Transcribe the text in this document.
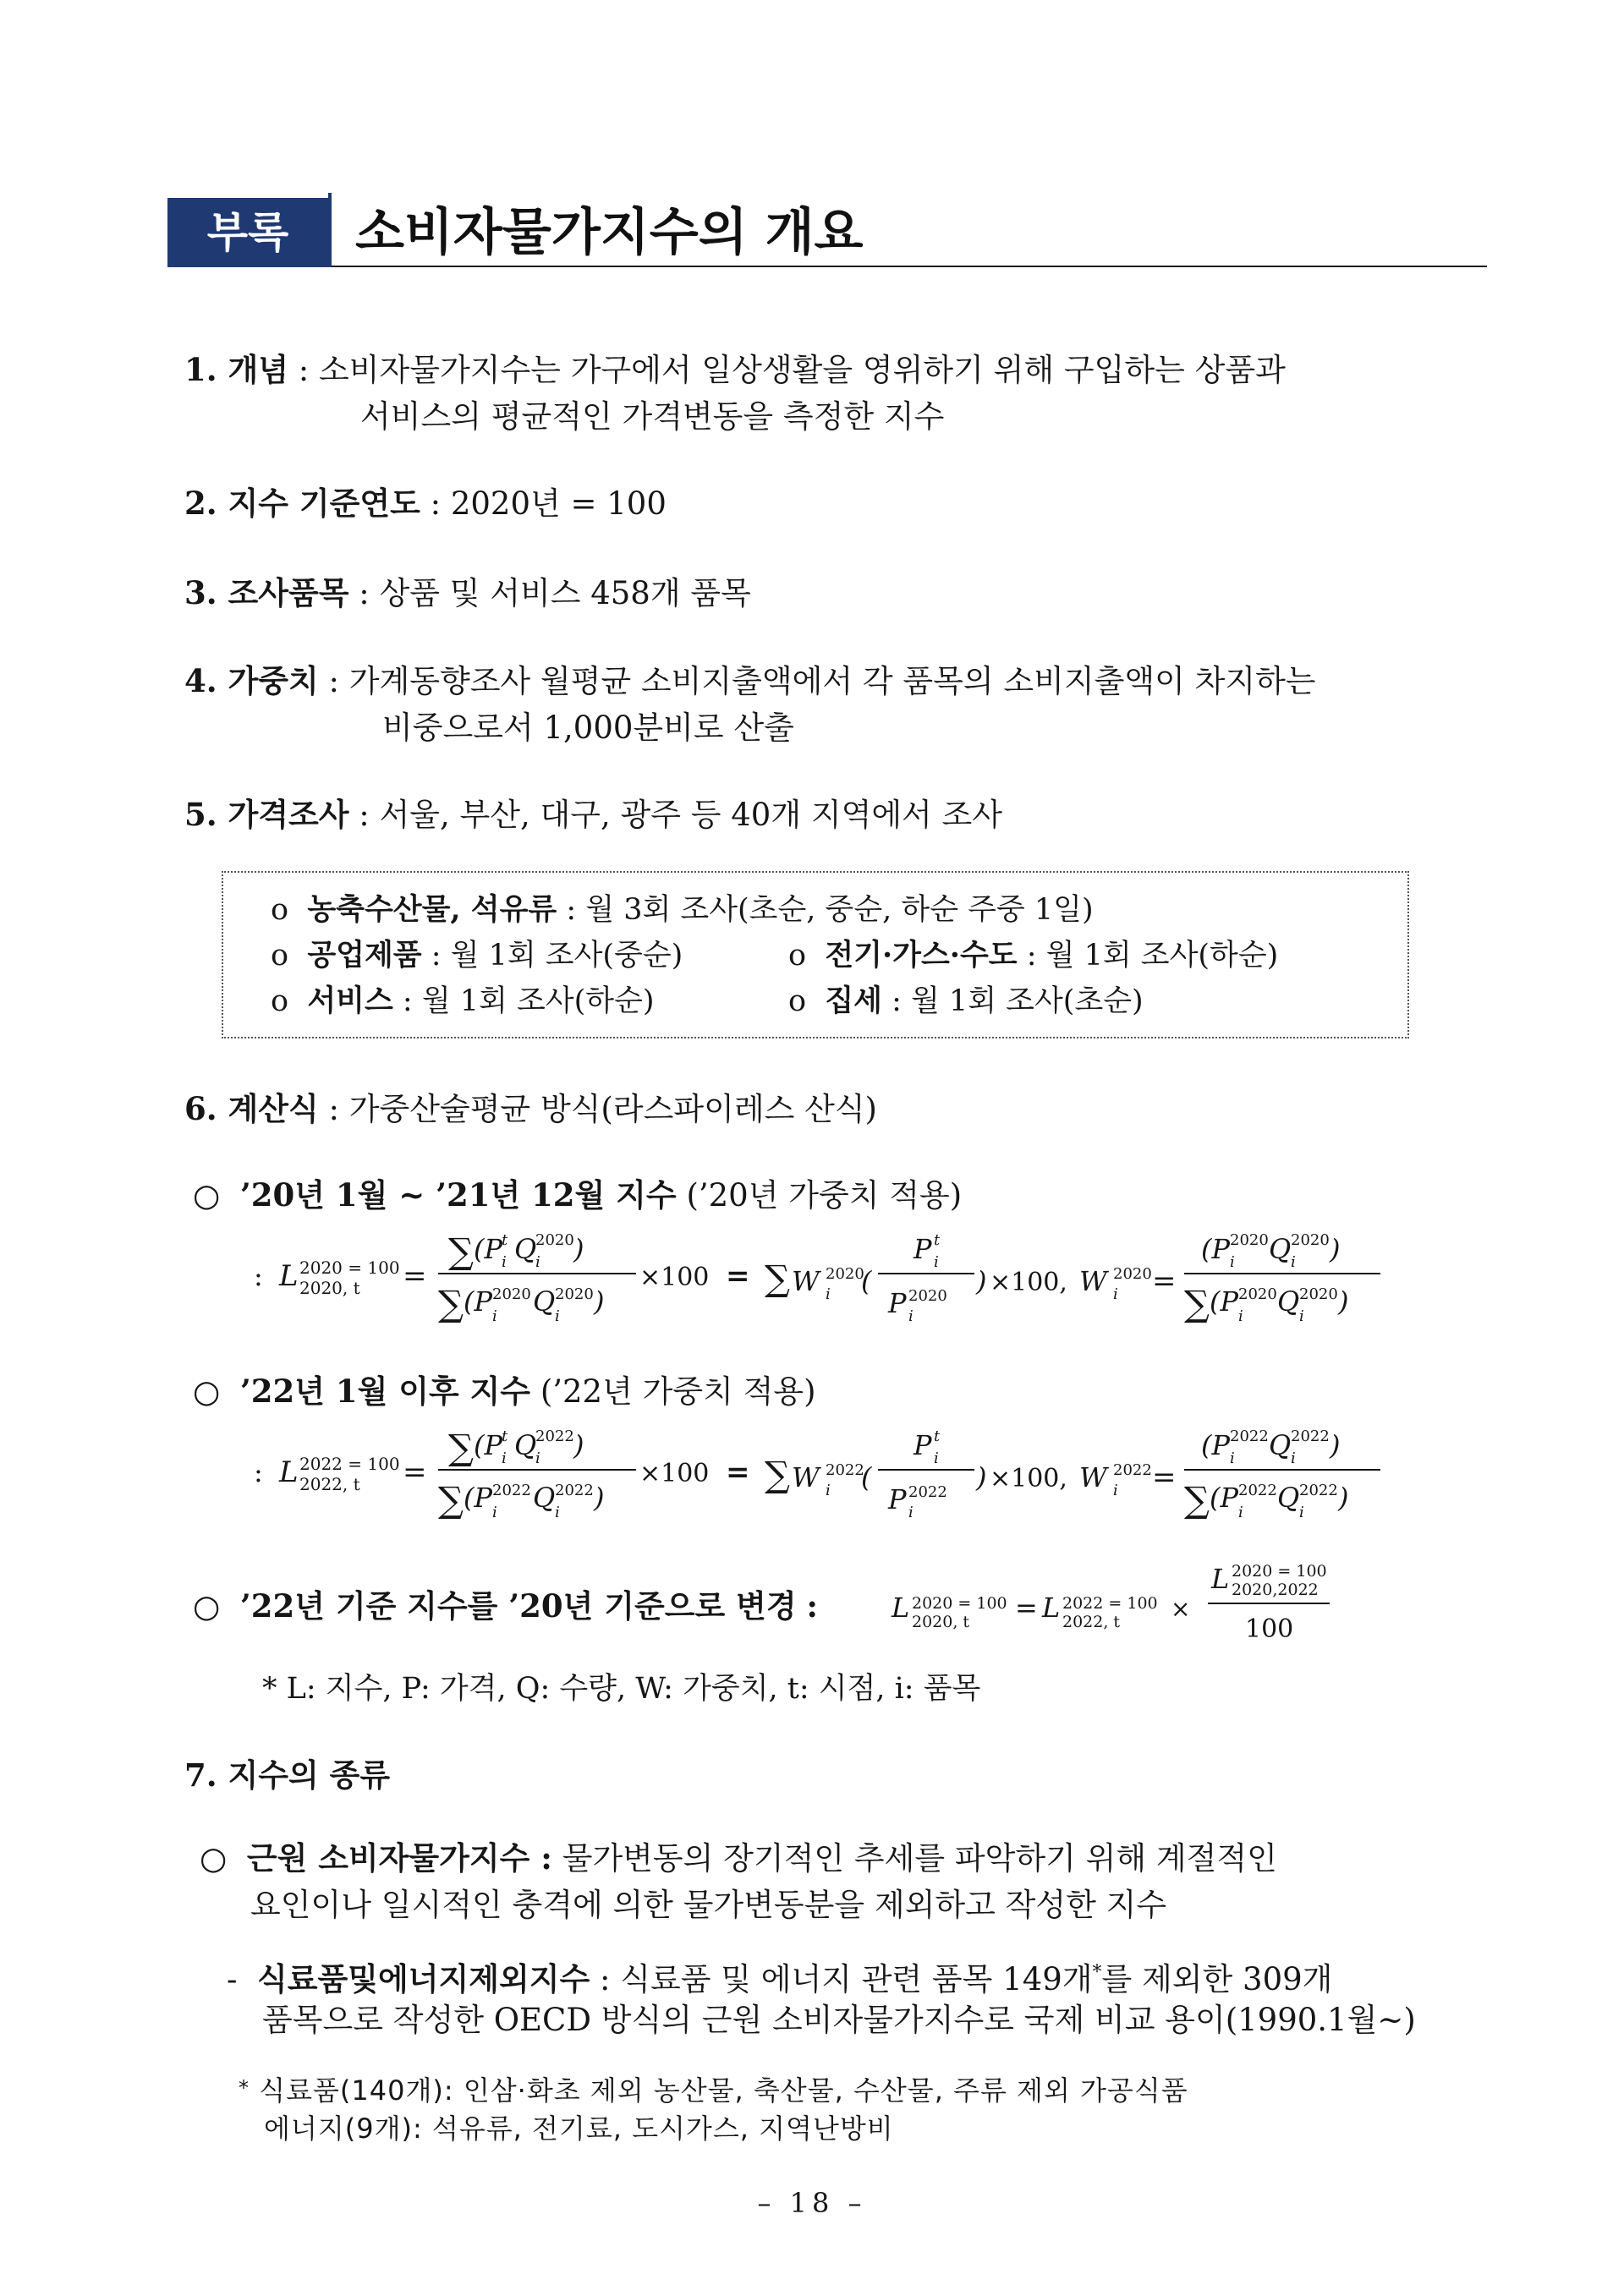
부록	소비자물가지수의 개요
1. 개념 : 소비자물가지수는 가구에서 일상생활을 영위하기 위해 구입하는 상품과
서비스의 평균적인 가격변동을 측정한 지수
2. 지수 기준연도 : 2020년 = 100
3. 조사품목 : 상품 및 서비스 458개 품목
4. 가중치 : 가계동향조사 월평균 소비지출액에서 각 품목의 소비지출액이 차지하는
비중으로서 1,000분비로 산출
5. 가격조사 : 서울, 부산, 대구, 광주 등 40개 지역에서 조사
o 농축수산물, 석유류 : 월 3회 조사(초순, 중순, 하순 주중 1일)
o 공업제품 : 월 1회 조사(중순)	o 전기·가스·수도 : 월 1회 조사(하순)
o 서비스 : 월 1회 조사(하순)	o 집세 : 월 1회 조사(초순)
6. 계산식 : 가중산술평균 방식(라스파이레스 산식)
○ ’20년 1월 ~ ’21년 12월 지수 (’20년 가중치 적용)
: L 2020 = 100
2020, t =
∑ (P
t
i Q
2020
i )
∑ (P 2020
i Q 2020
i )
×100 = ∑ W 2020
i (
P t
i
P 2020
i
) ×100, W 2020
i =
(P 2020
i Q 2020
i )
∑ (P 2020
i Q 2020
i )
○ ’22년 1월 이후 지수 (’22년 가중치 적용)
: L 2022 = 100
2022, t =
∑ (P
t
i Q
2022
i )
∑ (P 2022
i Q 2022
i )
×100 = ∑ W 2022
i (
P t
i
P 2022
i
) ×100, W 2022
i =
(P 2022
i Q 2022
i )
∑ (P 2022
i Q 2022
i )
○ ’22년 기준 지수를 ’20년 기준으로 변경 :	L 2020 = 100
2020, t = L 2022 = 100
2022, t ×
L 2020 = 100
2020,2022
100
* L: 지수, P: 가격, Q: 수량, W: 가중치, t: 시점, i: 품목
7. 지수의 종류
○ 근원 소비자물가지수 : 물가변동의 장기적인 추세를 파악하기 위해 계절적인
요인이나 일시적인 충격에 의한 물가변동분을 제외하고 작성한 지수
- 식료품및에너지제외지수 : 식료품 및 에너지 관련 품목 149개*를 제외한 309개
품목으로 작성한 OECD 방식의 근원 소비자물가지수로 국제 비교 용이(1990.1월~)
* 식료품(140개): 인삼·화초 제외 농산물, 축산물, 수산물, 주류 제외 가공식품
에너지(9개): 석유류, 전기료, 도시가스, 지역난방비
– 18 –
